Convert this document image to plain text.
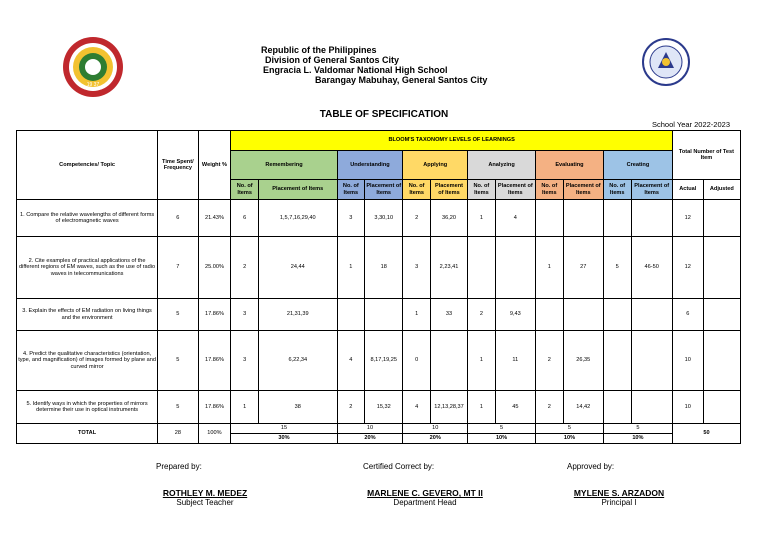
19 37
Republic of the Philippines
Division of General Santos City
Engracia L. Valdomar National High School
Barangay Mabuhay, General Santos City
TABLE OF SPECIFICATION
School Year 2022-2023
Competencies/ Topic	Time Spent/ Frequency	Weight %	BLOOM'S TAXONOMY LEVELS OF LEARNINGS												Total Number of Test Item	
			Remembering		Understanding		Applying		Analyzing		Evaluating		Creating			
			No. of Items	Placement of Items	No. of Items	Placement of Items	No. of Items	Placement of Items	No. of Items	Placement of Items	No. of Items	Placement of Items	No. of Items	Placement of Items	Actual	Adjusted
1. Compare the relative wavelengths of different forms of electromagnetic waves	6	21.43%	6	1,5,7,16,29,40	3	3,30,10	2	36,20	1	4					12	
2. Cite examples of practical applications of the different regions of EM waves, such as the use of radio waves in telecommunications	7	25.00%	2	24,44	1	18	3	2,23,41			1	27	5	46-50	12	
3. Explain the effects of EM radiation on living things and the environment	5	17.86%	3	21,31,39			1	33	2	9,43					6	
4. Predict the qualitative characteristics (orientation, type, and magnification) of images formed by plane and curved mirror	5	17.86%	3	6,22,34	4	8,17,19,25	0		1	11	2	26,35			10	
5. Identify ways in which the properties of mirrors determine their use in optical instruments	5	17.86%	1	38	2	15,32	4	12,13,28,37	1	45	2	14,42			10	
TOTAL	28	100%	15		10		10		5		5		5		50	
			30%		20%		20%		10%		10%		10%			
Prepared by:	Certified Correct by:	Approved by:
ROTHLEY M. MEDEZ
Subject Teacher
MARLENE C. GEVERO, MT II
Department Head
MYLENE S. ARZADON
Principal I
